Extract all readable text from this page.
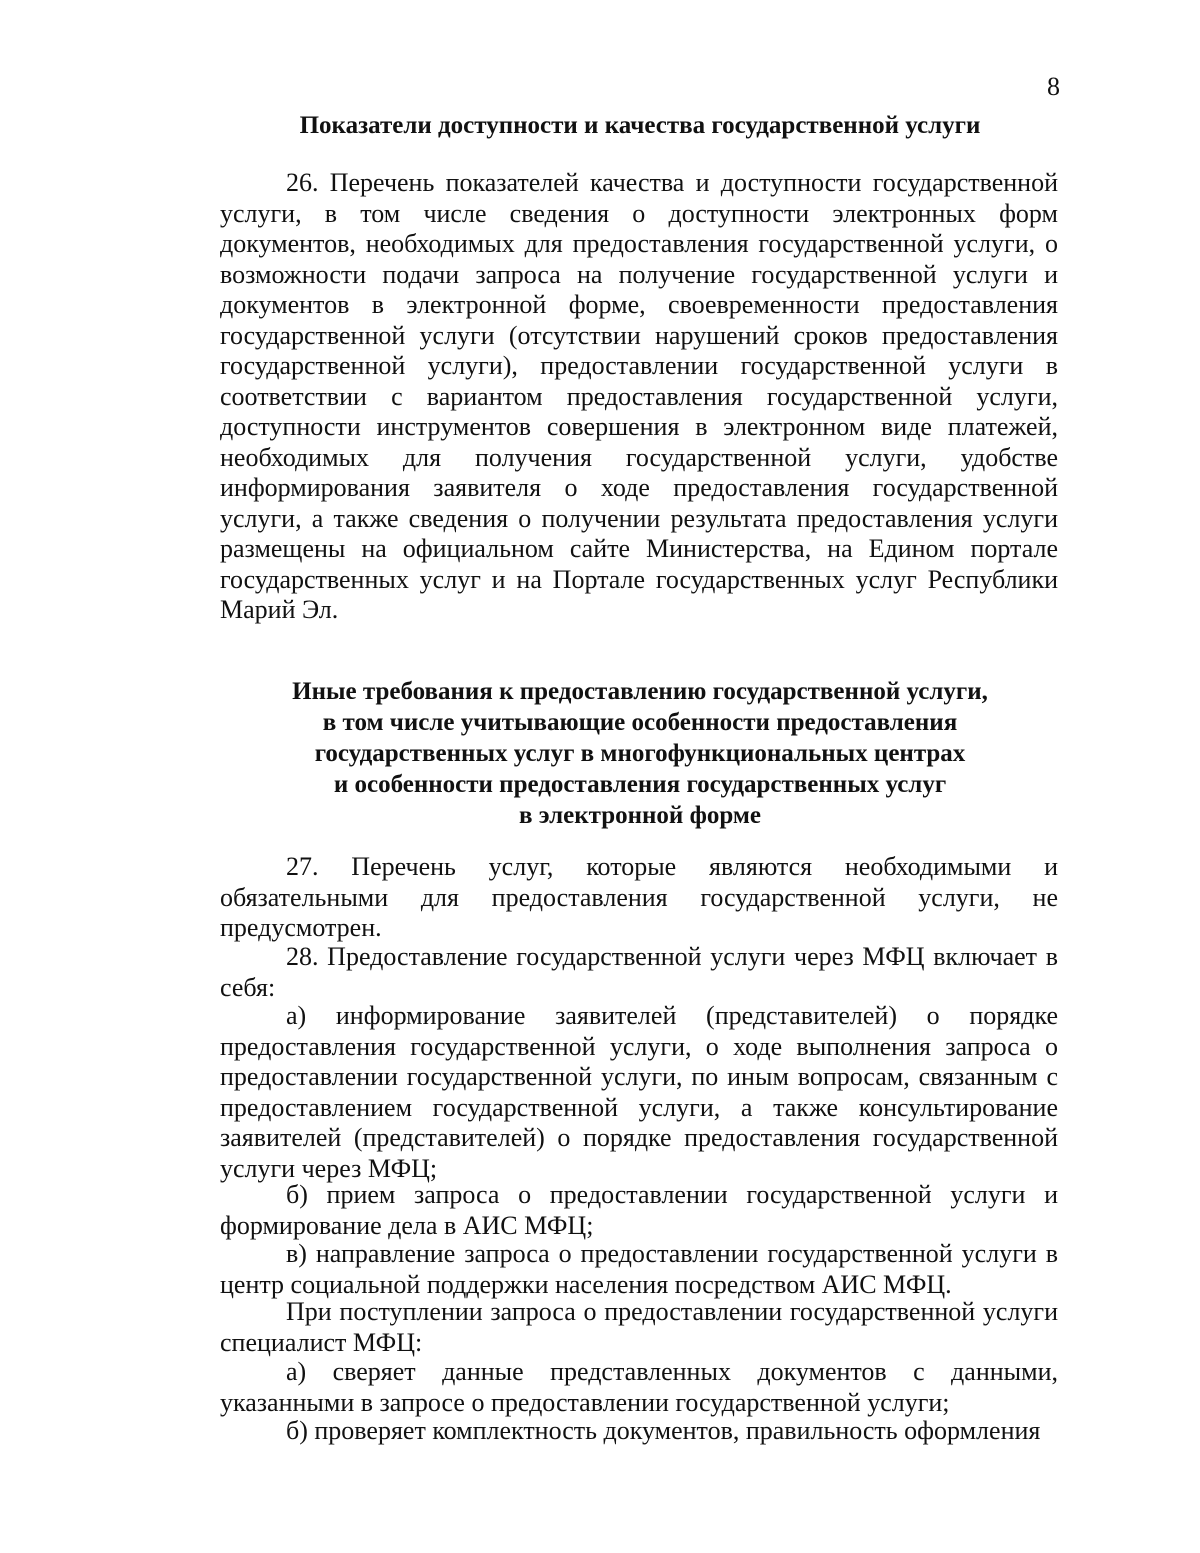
8
Показатели доступности и качества государственной услуги

26. Перечень показателей качества и доступности государственной услуги, в том числе сведения о доступности электронных форм документов, необходимых для предоставления государственной услуги, о возможности подачи запроса на получение государственной услуги и документов в электронной форме, своевременности предоставления государственной услуги (отсутствии нарушений сроков предоставления государственной услуги), предоставлении государственной услуги в соответствии с вариантом предоставления государственной услуги, доступности инструментов совершения в электронном виде платежей, необходимых для получения государственной услуги, удобстве информирования заявителя о ходе предоставления государственной услуги, а также сведения о получении результата предоставления услуги размещены на официальном сайте Министерства, на Едином портале государственных услуг и на Портале государственных услуг Республики Марий Эл.

Иные требования к предоставлению государственной услуги,
в том числе учитывающие особенности предоставления
государственных услуг в многофункциональных центрах
и особенности предоставления государственных услуг
в электронной форме

27. Перечень услуг, которые являются необходимыми и обязательными для предоставления государственной услуги, не предусмотрен.

28. Предоставление государственной услуги через МФЦ включает в себя:

а) информирование заявителей (представителей) о порядке предоставления государственной услуги, о ходе выполнения запроса о предоставлении государственной услуги, по иным вопросам, связанным с предоставлением государственной услуги, а также консультирование заявителей (представителей) о порядке предоставления государственной услуги через МФЦ;

б) прием запроса о предоставлении государственной услуги и формирование дела в АИС МФЦ;

в) направление запроса о предоставлении государственной услуги в центр социальной поддержки населения посредством АИС МФЦ.

При поступлении запроса о предоставлении государственной услуги специалист МФЦ:

а) сверяет данные представленных документов с данными, указанными в запросе о предоставлении государственной услуги;

б) проверяет комплектность документов, правильность оформления
